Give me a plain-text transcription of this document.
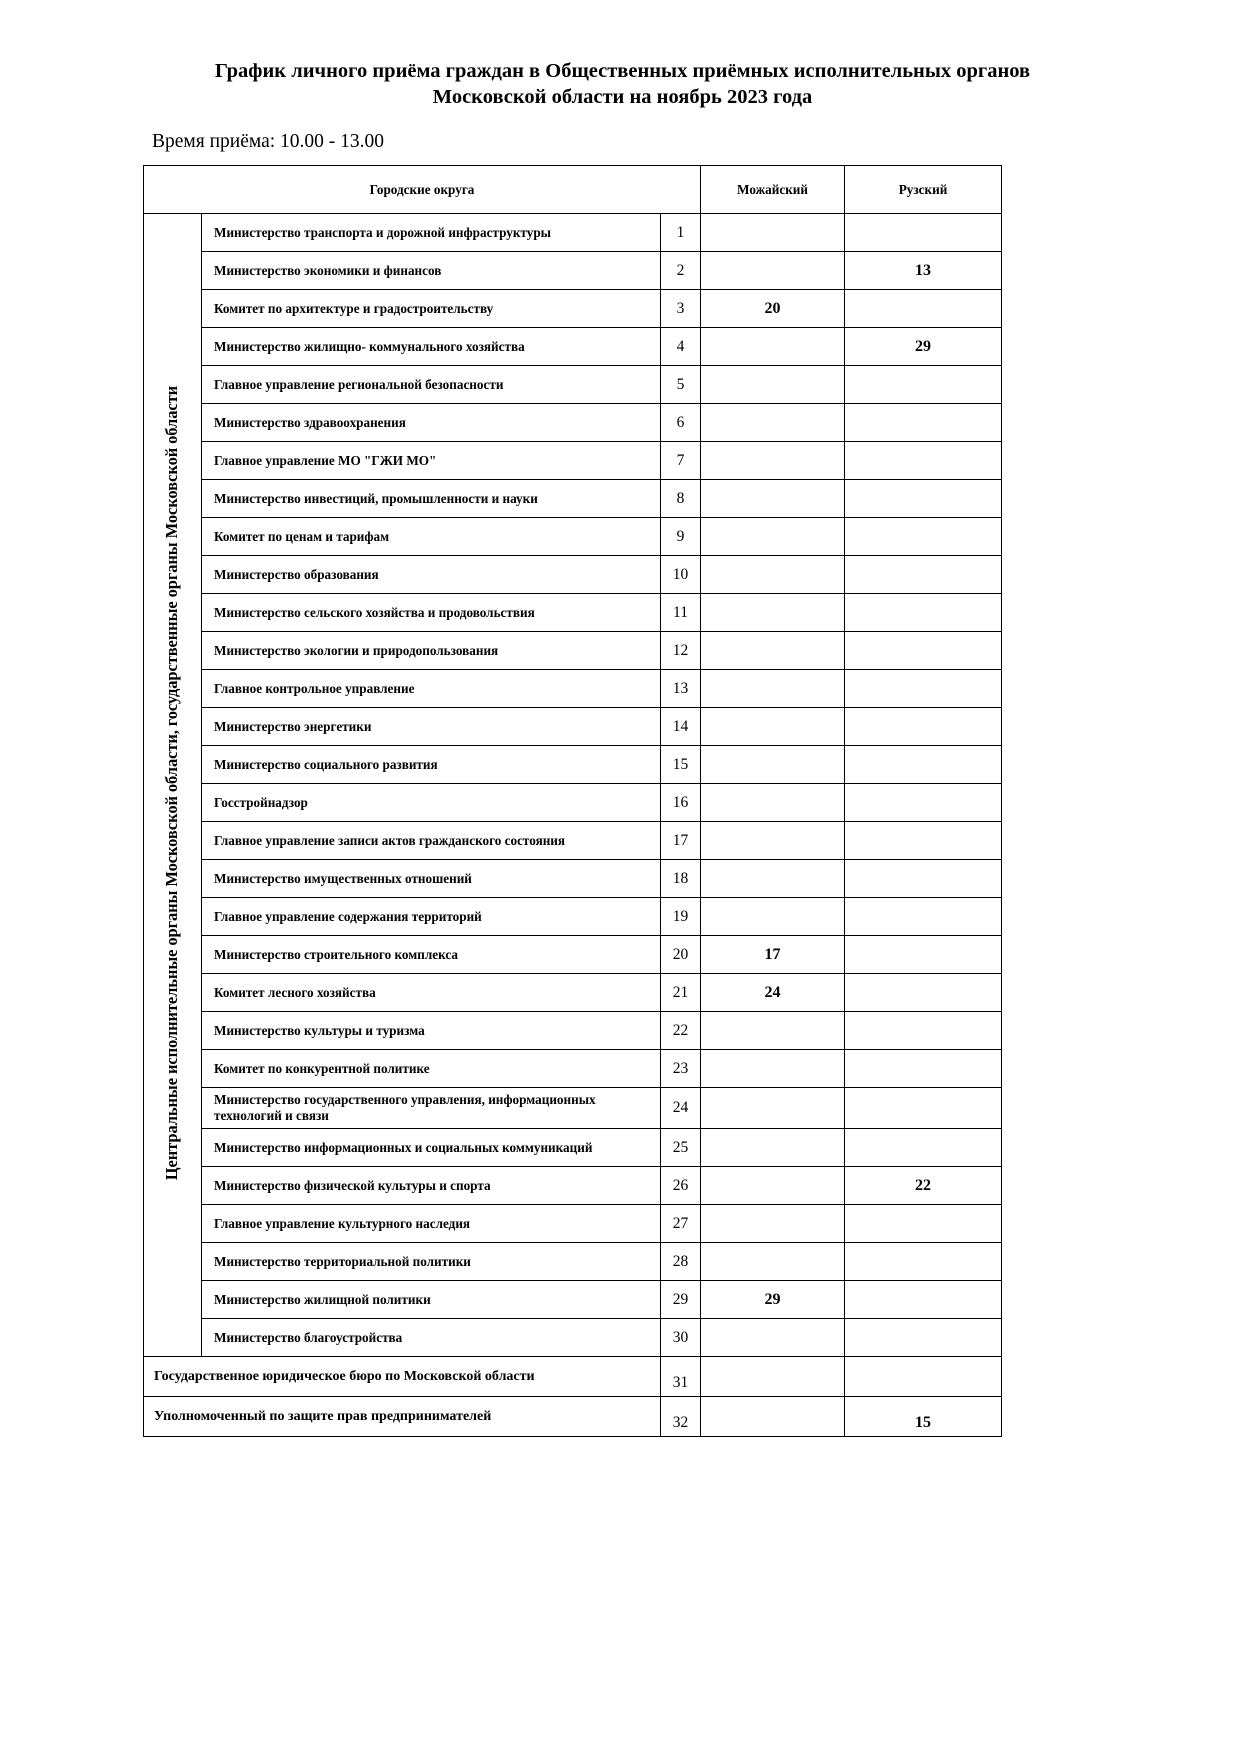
График личного приёма граждан в Общественных приёмных исполнительных органов
Московской области на ноябрь 2023 года
Время приёма: 10.00 - 13.00
Городские округа			Можайский	Рузский
Центральные исполнительные органы Московской области, государственные органы Московской области	Министерство транспорта и дорожной инфраструктуры	1		
	Министерство экономики и финансов	2		13
	Комитет по архитектуре и градостроительству	3	20	
	Министерство жилищно- коммунального хозяйства	4		29
	Главное управление региональной безопасности	5		
	Министерство здравоохранения	6		
	Главное управление МО "ГЖИ МО"	7		
	Министерство инвестиций, промышленности и науки	8		
	Комитет по ценам и тарифам	9		
	Министерство образования	10		
	Министерство сельского хозяйства и продовольствия	11		
	Министерство экологии и природопользования	12		
	Главное контрольное управление	13		
	Министерство энергетики	14		
	Министерство социального развития	15		
	Госстройнадзор	16		
	Главное управление записи актов гражданского состояния	17		
	Министерство имущественных отношений	18		
	Главное управление содержания территорий	19		
	Министерство строительного комплекса	20	17	
	Комитет лесного хозяйства	21	24	
	Министерство культуры и туризма	22		
	Комитет по конкурентной политике	23		
	Министерство государственного управления, информационных технологий и связи	24		
	Министерство информационных и социальных коммуникаций	25		
	Министерство физической культуры и спорта	26		22
	Главное управление культурного наследия	27		
	Министерство территориальной политики	28		
	Министерство жилищной политики	29	29	
	Министерство благоустройства	30		
Государственное юридическое бюро по Московской области		31		
Уполномоченный по защите прав предпринимателей		32		15
